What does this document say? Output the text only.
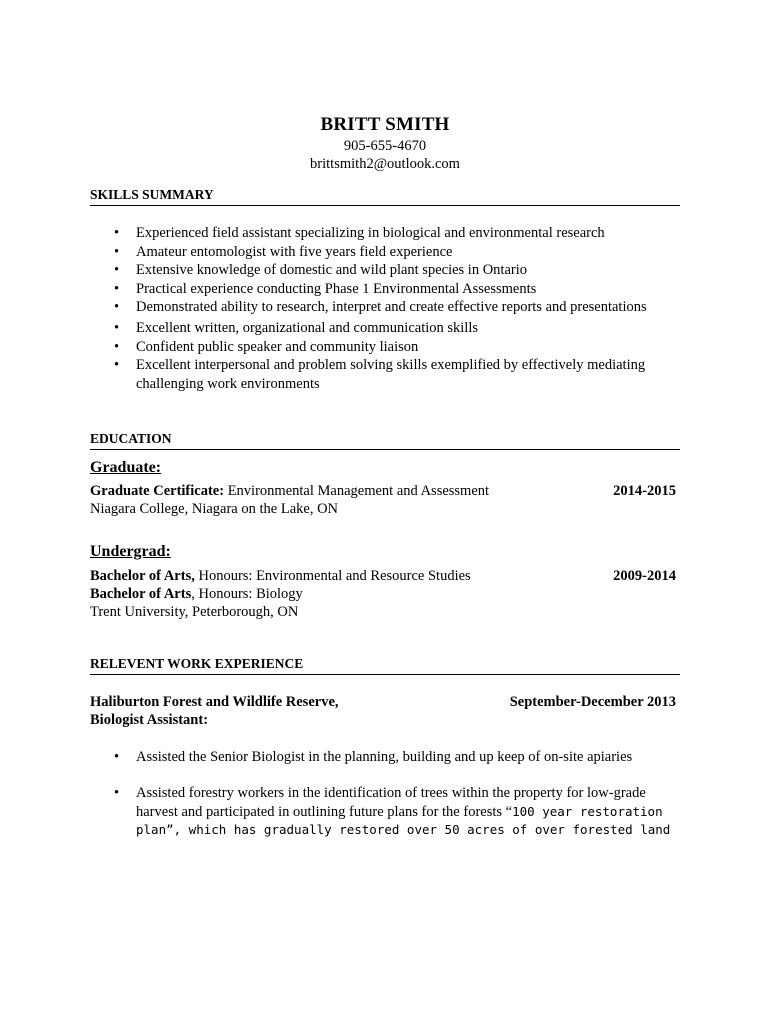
BRITT SMITH
905-655-4670
brittsmith2@outlook.com
SKILLS SUMMARY
• Experienced field assistant specializing in biological and environmental research
• Amateur entomologist with five years field experience
• Extensive knowledge of domestic and wild plant species in Ontario
• Practical experience conducting Phase 1 Environmental Assessments
• Demonstrated ability to research, interpret and create effective reports and presentations
• Excellent written, organizational and communication skills
• Confident public speaker and community liaison
• Excellent interpersonal and problem solving skills exemplified by effectively mediating challenging work environments
EDUCATION
Graduate:
Graduate Certificate: Environmental Management and Assessment	2014-2015
Niagara College, Niagara on the Lake, ON
Undergrad:
Bachelor of Arts, Honours: Environmental and Resource Studies	2009-2014
Bachelor of Arts, Honours: Biology
Trent University, Peterborough, ON
RELEVENT WORK EXPERIENCE
Haliburton Forest and Wildlife Reserve,	September-December 2013
Biologist Assistant:
• Assisted the Senior Biologist in the planning, building and up keep of on-site apiaries
• Assisted forestry workers in the identification of trees within the property for low-grade
harvest and participated in outlining future plans for the forests “100 year restoration
plan”, which has gradually restored over 50 acres of over forested land
